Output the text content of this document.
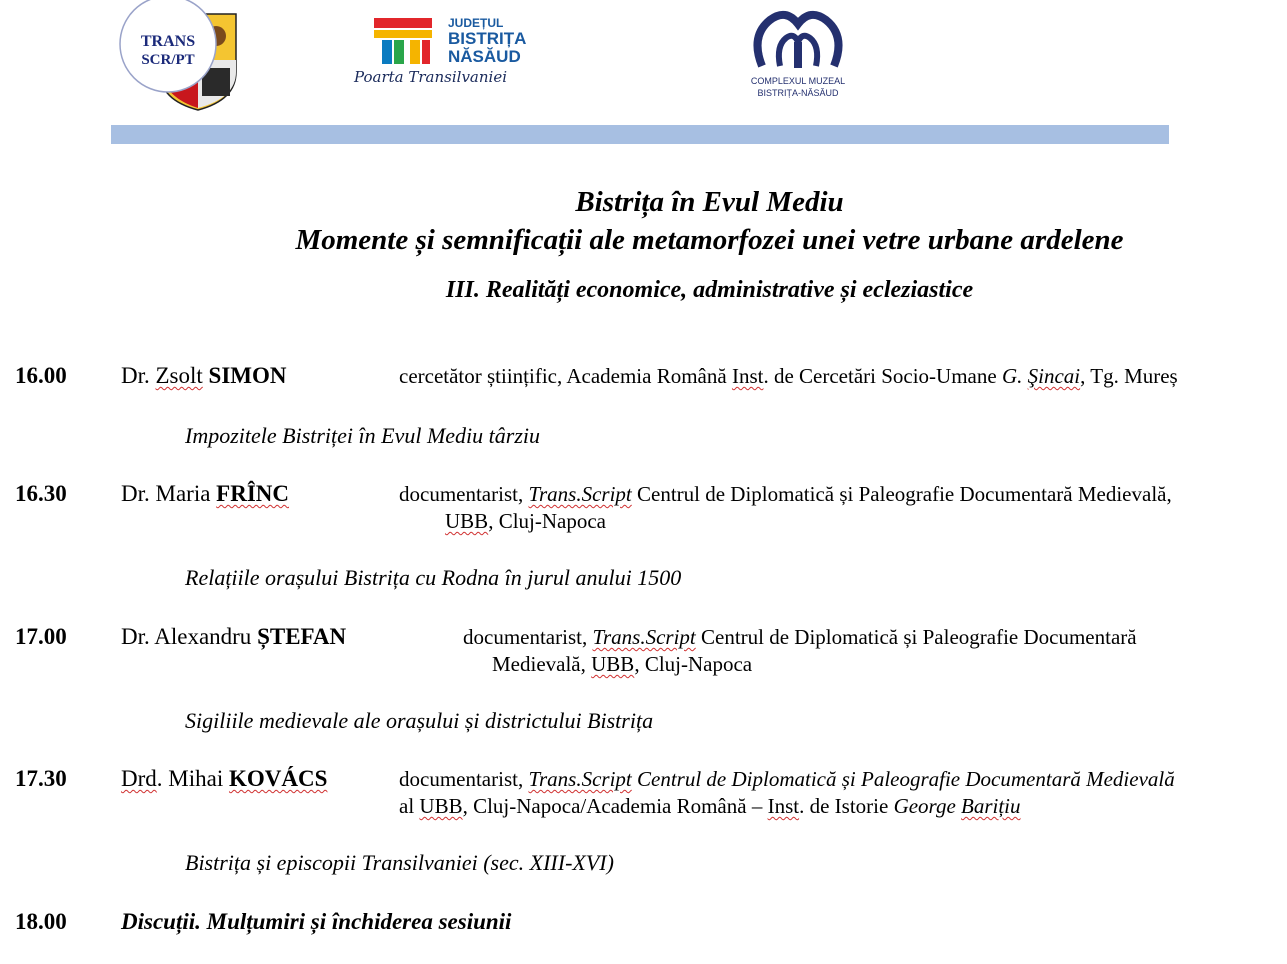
TRANS
SCR/PT
JUDEȚUL
BISTRIȚA
NĂSĂUD
Poarta Transilvaniei	COMPLEXUL MUZEAL
BISTRIȚA-NĂSĂUD
Bistrița în Evul Mediu
Momente și semnificații ale metamorfozei unei vetre urbane ardelene
III. Realități economice, administrative și ecleziastice
16.00 Dr. Zsolt SIMON	cercetător științific, Academia Română Inst. de Cercetări Socio-Umane G. Şincai, Tg. Mureș
Impozitele Bistriței în Evul Mediu târziu
16.30 Dr. Maria FRÎNC	documentarist, Trans.Script Centrul de Diplomatică și Paleografie Documentară Medievală,
UBB, Cluj-Napoca
Relațiile orașului Bistrița cu Rodna în jurul anului 1500
17.00 Dr. Alexandru ȘTEFAN	documentarist, Trans.Script Centrul de Diplomatică și Paleografie Documentară
Medievală, UBB, Cluj-Napoca
Sigiliile medievale ale orașului și districtului Bistrița
17.30 Drd. Mihai KOVÁCS	documentarist, Trans.Script Centrul de Diplomatică și Paleografie Documentară Medievală
al UBB, Cluj-Napoca/Academia Română – Inst. de Istorie George Barițiu
Bistrița și episcopii Transilvaniei (sec. XIII-XVI)
18.00 Discuții. Mulțumiri și închiderea sesiunii
